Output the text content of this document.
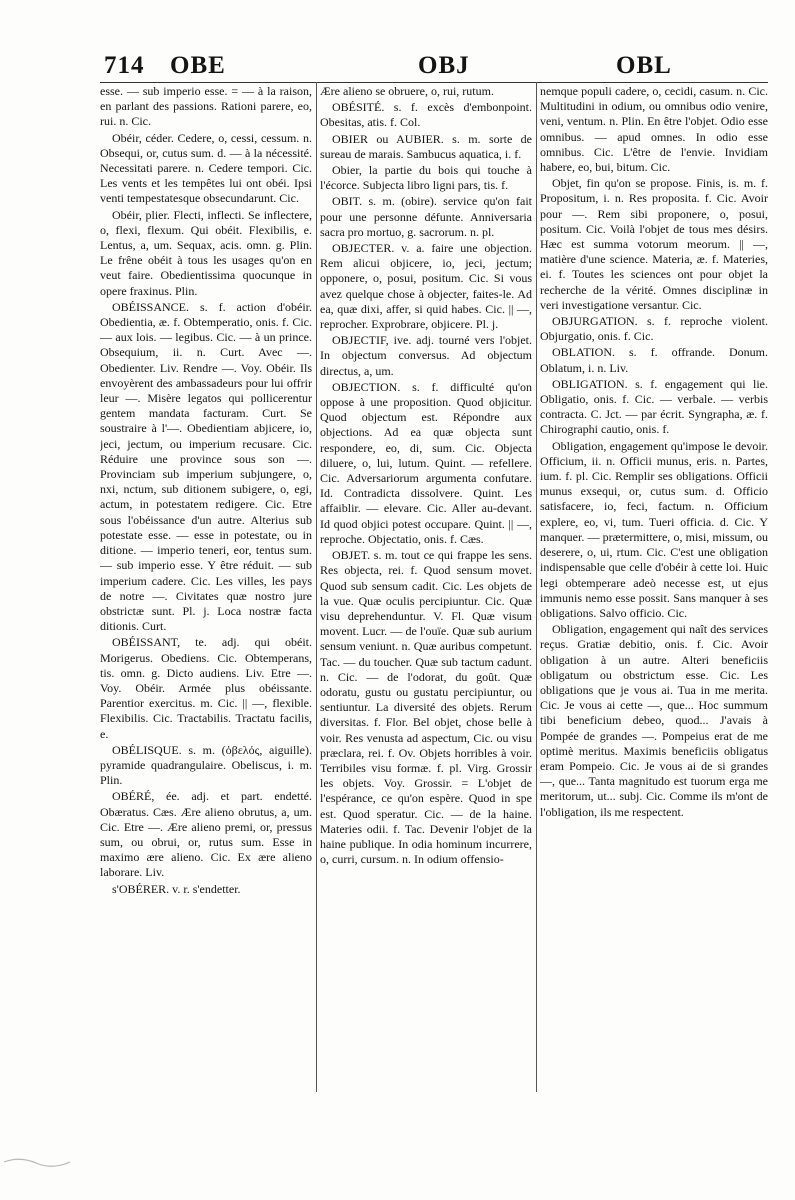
714 OBE	OBJ	OBL

esse. — sub imperio esse. = — à la raison, en parlant des passions. Rationi parere, eo, rui. n. Cic.

Obéir, céder. Cedere, o, cessi, cessum. n. Obsequi, or, cutus sum. d. — à la nécessité. Necessitati parere. n. Cedere tempori. Cic. Les vents et les tempêtes lui ont obéi. Ipsi venti tempestatesque obsecundarunt. Cic.

Obéir, plier. Flecti, inflecti. Se inflectere, o, flexi, flexum. Qui obéit. Flexibilis, e. Lentus, a, um. Sequax, acis. omn. g. Plin. Le frêne obéit à tous les usages qu'on en veut faire. Obedientissima quocunque in opere fraxinus. Plin.

OBÉISSANCE. s. f. action d'obéir. Obedientia, æ. f. Obtemperatio, onis. f. Cic. — aux lois. — legibus. Cic. — à un prince. Obsequium, ii. n. Curt. Avec —. Obedienter. Liv. Rendre —. Voy. Obéir. Ils envoyèrent des ambassadeurs pour lui offrir leur —. Misère legatos qui pollicerentur gentem mandata facturam. Curt. Se soustraire à l'—. Obedientiam abjicere, io, jeci, jectum, ou imperium recusare. Cic. Réduire une province sous son —. Provinciam sub imperium subjungere, o, nxi, nctum, sub ditionem subigere, o, egi, actum, in potestatem redigere. Cic. Etre sous l'obéissance d'un autre. Alterius sub potestate esse. — esse in potestate, ou in ditione. — imperio teneri, eor, tentus sum. — sub imperio esse. Y être réduit. — sub imperium cadere. Cic. Les villes, les pays de notre —. Civitates quæ nostro jure obstrictæ sunt. Pl. j. Loca nostræ facta ditionis. Curt.

OBÉISSANT, te. adj. qui obéit. Morigerus. Obediens. Cic. Obtemperans, tis. omn. g. Dicto audiens. Liv. Etre —. Voy. Obéir. Armée plus obéissante. Parentior exercitus. m. Cic. || —, flexible. Flexibilis. Cic. Tractabilis. Tractatu facilis, e.

OBÉLISQUE. s. m. (ὀβελός, aiguille). pyramide quadrangulaire. Obeliscus, i. m. Plin.

OBÉRÉ, ée. adj. et part. endetté. Obæratus. Cæs. Ære alieno obrutus, a, um. Cic. Etre —. Ære alieno premi, or, pressus sum, ou obrui, or, rutus sum. Esse in maximo ære alieno. Cic. Ex ære alieno laborare. Liv.

s'OBÉRER. v. r. s'endetter.

Ære alieno se obruere, o, rui, rutum.

OBÉSITÉ. s. f. excès d'embonpoint. Obesitas, atis. f. Col.

OBIER ou AUBIER. s. m. sorte de sureau de marais. Sambucus aquatica, i. f.

Obier, la partie du bois qui touche à l'écorce. Subjecta libro ligni pars, tis. f.

OBIT. s. m. (obire). service qu'on fait pour une personne défunte. Anniversaria sacra pro mortuo, g. sacrorum. n. pl.

OBJECTER. v. a. faire une objection. Rem alicui objicere, io, jeci, jectum; opponere, o, posui, positum. Cic. Si vous avez quelque chose à objecter, faites-le. Ad ea, quæ dixi, affer, si quid habes. Cic. || —, reprocher. Exprobrare, objicere. Pl. j.

OBJECTIF, ive. adj. tourné vers l'objet. In objectum conversus. Ad objectum directus, a, um.

OBJECTION. s. f. difficulté qu'on oppose à une proposition. Quod objicitur. Quod objectum est. Répondre aux objections. Ad ea quæ objecta sunt respondere, eo, di, sum. Cic. Objecta diluere, o, lui, lutum. Quint. — refellere. Cic. Adversariorum argumenta confutare. Id. Contradicta dissolvere. Quint. Les affaiblir. — elevare. Cic. Aller au-devant. Id quod objici potest occupare. Quint. || —, reproche. Objectatio, onis. f. Cæs.

OBJET. s. m. tout ce qui frappe les sens. Res objecta, rei. f. Quod sensum movet. Quod sub sensum cadit. Cic. Les objets de la vue. Quæ oculis percipiuntur. Cic. Quæ visu deprehenduntur. V. Fl. Quæ visum movent. Lucr. — de l'ouïe. Quæ sub aurium sensum veniunt. n. Quæ auribus competunt. Tac. — du toucher. Quæ sub tactum cadunt. n. Cic. — de l'odorat, du goût. Quæ odoratu, gustu ou gustatu percipiuntur, ou sentiuntur. La diversité des objets. Rerum diversitas. f. Flor. Bel objet, chose belle à voir. Res venusta ad aspectum, Cic. ou visu præclara, rei. f. Ov. Objets horribles à voir. Terribiles visu formæ. f. pl. Virg. Grossir les objets. Voy. Grossir. = L'objet de l'espérance, ce qu'on espère. Quod in spe est. Quod speratur. Cic. — de la haine. Materies odii. f. Tac. Devenir l'objet de la haine publique. In odia hominum incurrere, o, curri, cursum. n. In odium offensio-

nemque populi cadere, o, cecidi, casum. n. Cic. Multitudini in odium, ou omnibus odio venire, veni, ventum. n. Plin. En être l'objet. Odio esse omnibus. — apud omnes. In odio esse omnibus. Cic. L'être de l'envie. Invidiam habere, eo, bui, bitum. Cic.

Objet, fin qu'on se propose. Finis, is. m. f. Propositum, i. n. Res proposita. f. Cic. Avoir pour —. Rem sibi proponere, o, posui, positum. Cic. Voilà l'objet de tous mes désirs. Hæc est summa votorum meorum. || —, matière d'une science. Materia, æ. f. Materies, ei. f. Toutes les sciences ont pour objet la recherche de la vérité. Omnes disciplinæ in veri investigatione versantur. Cic.

OBJURGATION. s. f. reproche violent. Objurgatio, onis. f. Cic.

OBLATION. s. f. offrande. Donum. Oblatum, i. n. Liv.

OBLIGATION. s. f. engagement qui lie. Obligatio, onis. f. Cic. — verbale. — verbis contracta. C. Jct. — par écrit. Syngrapha, æ. f. Chirographi cautio, onis. f.

Obligation, engagement qu'impose le devoir. Officium, ii. n. Officii munus, eris. n. Partes, ium. f. pl. Cic. Remplir ses obligations. Officii munus exsequi, or, cutus sum. d. Officio satisfacere, io, feci, factum. n. Officium explere, eo, vi, tum. Tueri officia. d. Cic. Y manquer. — prætermittere, o, misi, missum, ou deserere, o, ui, rtum. Cic. C'est une obligation indispensable que celle d'obéir à cette loi. Huic legi obtemperare adeò necesse est, ut ejus immunis nemo esse possit. Sans manquer à ses obligations. Salvo officio. Cic.

Obligation, engagement qui naît des services reçus. Gratiæ debitio, onis. f. Cic. Avoir obligation à un autre. Alteri beneficiis obligatum ou obstrictum esse. Cic. Les obligations que je vous ai. Tua in me merita. Cic. Je vous ai cette —, que... Hoc summum tibi beneficium debeo, quod... J'avais à Pompée de grandes —. Pompeius erat de me optimè meritus. Maximis beneficiis obligatus eram Pompeio. Cic. Je vous ai de si grandes —, que... Tanta magnitudo est tuorum erga me meritorum, ut... subj. Cic. Comme ils m'ont de l'obligation, ils me respectent.
